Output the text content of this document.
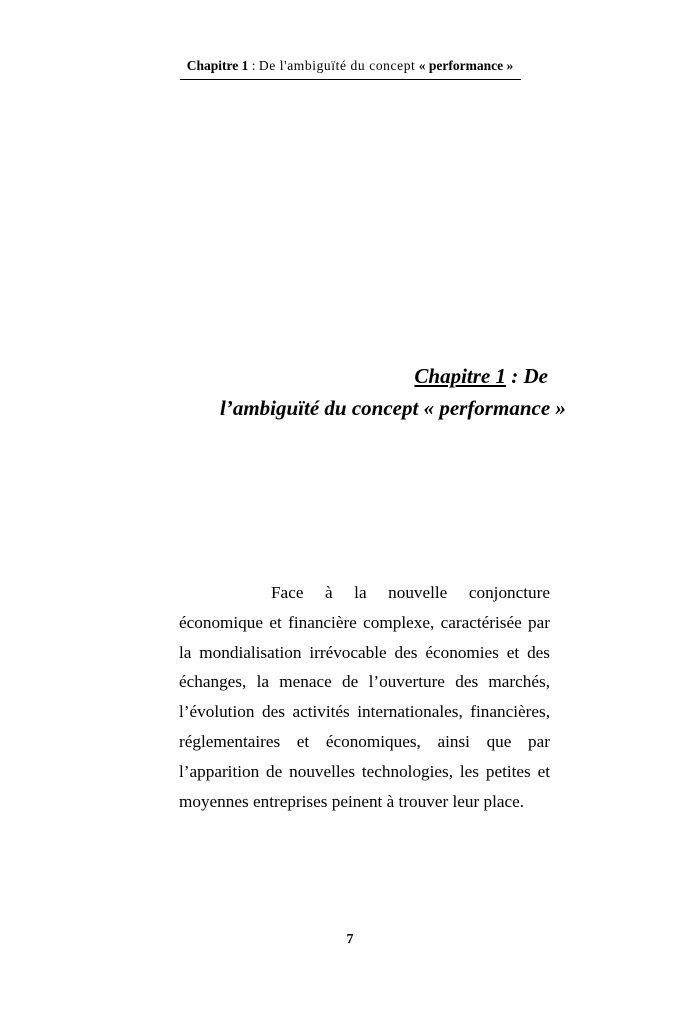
Chapitre 1 : De l'ambiguïté du concept « performance »
Chapitre 1 : De
l’ambiguïté du concept « performance »
Face à la nouvelle conjoncture
économique et financière complexe, caractérisée par la mondialisation irrévocable des économies et des échanges, la menace de l’ouverture des marchés, l’évolution des activités internationales, financières, réglementaires et économiques, ainsi que par l’apparition de nouvelles technologies, les petites et moyennes entreprises peinent à trouver leur place.
7
